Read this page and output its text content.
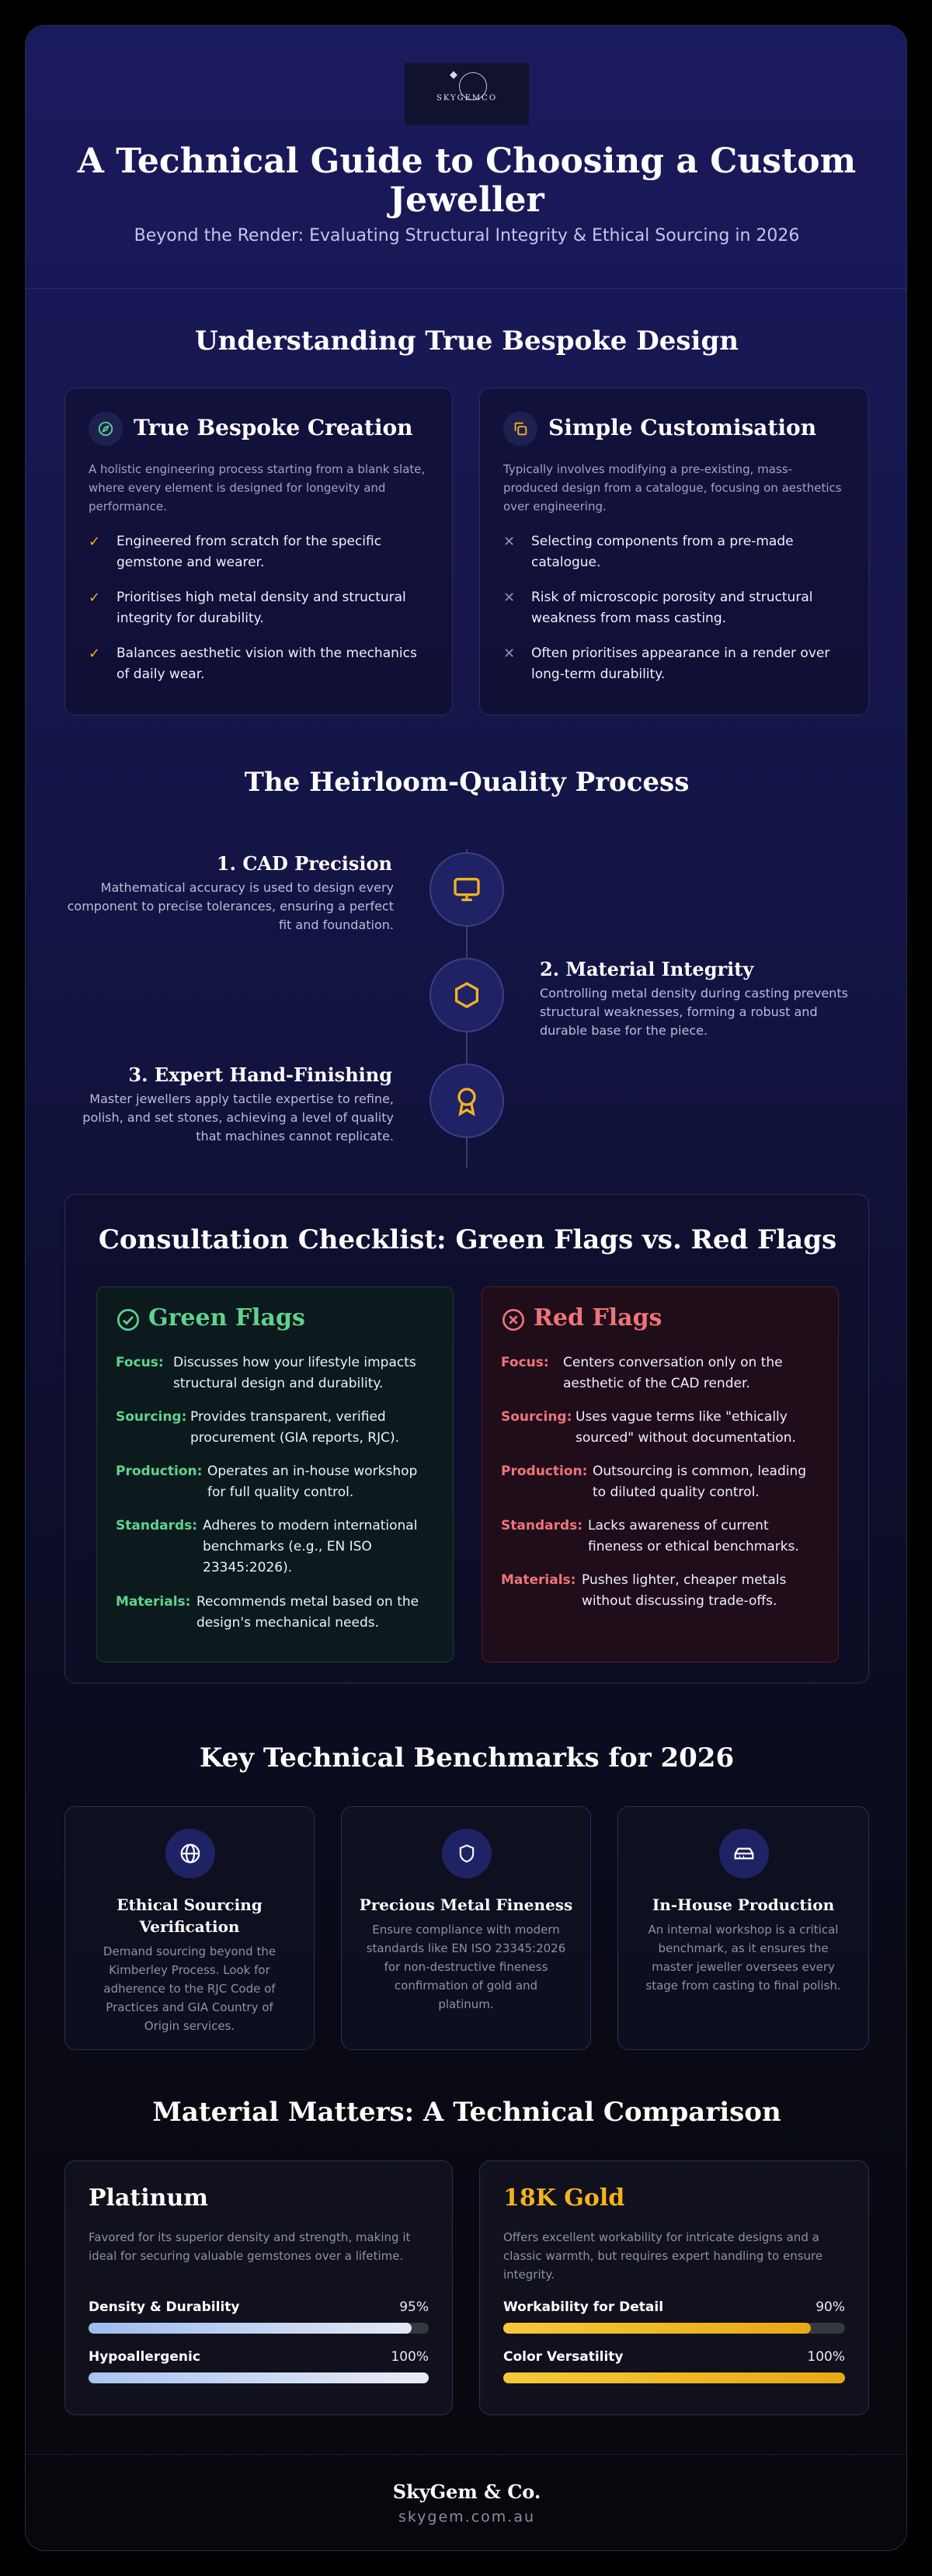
◆
SKYGEMCO
A Technical Guide to Choosing a Custom Jeweller
Beyond the Render: Evaluating Structural Integrity & Ethical Sourcing in 2026
Understanding True Bespoke Design
True Bespoke Creation
A holistic engineering process starting from a blank slate, where every element is designed for longevity and performance.
✓ Engineered from scratch for the specific gemstone and wearer.
✓ Prioritises high metal density and structural integrity for durability.
✓ Balances aesthetic vision with the mechanics of daily wear.
Simple Customisation
Typically involves modifying a pre-existing, mass-produced design from a catalogue, focusing on aesthetics over engineering.
✕ Selecting components from a pre-made catalogue.
✕ Risk of microscopic porosity and structural weakness from mass casting.
✕ Often prioritises appearance in a render over long-term durability.
The Heirloom-Quality Process
1. CAD Precision
Mathematical accuracy is used to design every component to precise tolerances, ensuring a perfect fit and foundation.
2. Material Integrity
Controlling metal density during casting prevents structural weaknesses, forming a robust and durable base for the piece.
3. Expert Hand-Finishing
Master jewellers apply tactile expertise to refine, polish, and set stones, achieving a level of quality that machines cannot replicate.
Consultation Checklist: Green Flags vs. Red Flags
Green Flags
Focus: Discusses how your lifestyle impacts structural design and durability.
Sourcing: Provides transparent, verified procurement (GIA reports, RJC).
Production: Operates an in-house workshop for full quality control.
Standards: Adheres to modern international benchmarks (e.g., EN ISO 23345:2026).
Materials: Recommends metal based on the design's mechanical needs.
Red Flags
Focus: Centers conversation only on the aesthetic of the CAD render.
Sourcing: Uses vague terms like "ethically sourced" without documentation.
Production: Outsourcing is common, leading to diluted quality control.
Standards: Lacks awareness of current fineness or ethical benchmarks.
Materials: Pushes lighter, cheaper metals without discussing trade-offs.
Key Technical Benchmarks for 2026
Ethical Sourcing Verification
Demand sourcing beyond the Kimberley Process. Look for adherence to the RJC Code of Practices and GIA Country of Origin services.
Precious Metal Fineness
Ensure compliance with modern standards like EN ISO 23345:2026 for non-destructive fineness confirmation of gold and platinum.
In-House Production
An internal workshop is a critical benchmark, as it ensures the master jeweller oversees every stage from casting to final polish.
Material Matters: A Technical Comparison
Platinum
Favored for its superior density and strength, making it ideal for securing valuable gemstones over a lifetime.
Density & Durability	95%
Hypoallergenic	100%
18K Gold
Offers excellent workability for intricate designs and a classic warmth, but requires expert handling to ensure integrity.
Workability for Detail	90%
Color Versatility	100%
SkyGem & Co.
skygem.com.au
